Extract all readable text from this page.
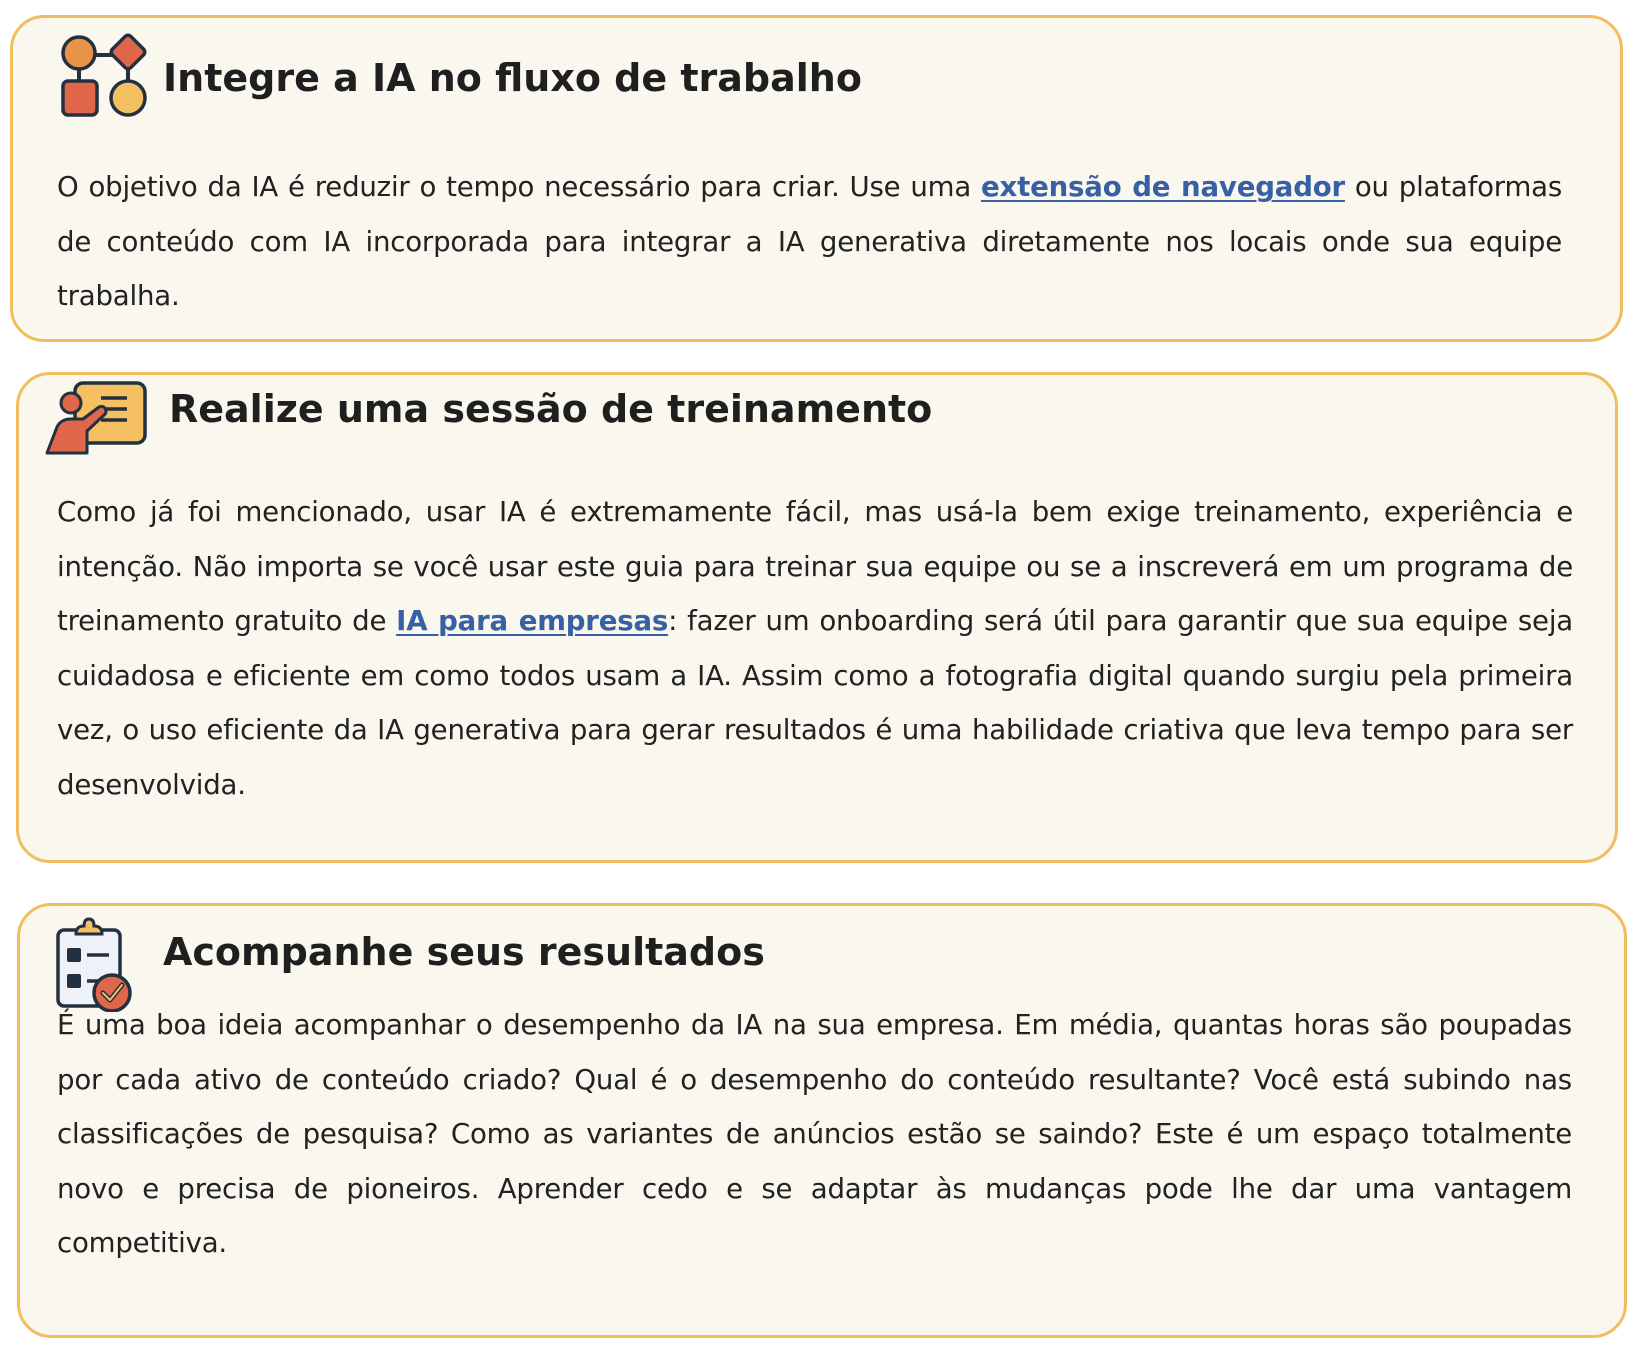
Integre a IA no fluxo de trabalho

O objetivo da IA é reduzir o tempo necessário para criar. Use uma extensão de navegador ou plataformas de conteúdo com IA incorporada para integrar a IA generativa diretamente nos locais onde sua equipe trabalha.

Realize uma sessão de treinamento

Como já foi mencionado, usar IA é extremamente fácil, mas usá-la bem exige treinamento, experiência e intenção. Não importa se você usar este guia para treinar sua equipe ou se a inscreverá em um programa de treinamento gratuito de IA para empresas: fazer um onboarding será útil para garantir que sua equipe seja cuidadosa e eficiente em como todos usam a IA. Assim como a fotografia digital quando surgiu pela primeira vez, o uso eficiente da IA generativa para gerar resultados é uma habilidade criativa que leva tempo para ser desenvolvida.

Acompanhe seus resultados

É uma boa ideia acompanhar o desempenho da IA na sua empresa. Em média, quantas horas são poupadas por cada ativo de conteúdo criado? Qual é o desempenho do conteúdo resultante? Você está subindo nas classificações de pesquisa? Como as variantes de anúncios estão se saindo? Este é um espaço totalmente novo e precisa de pioneiros. Aprender cedo e se adaptar às mudanças pode lhe dar uma vantagem competitiva.
